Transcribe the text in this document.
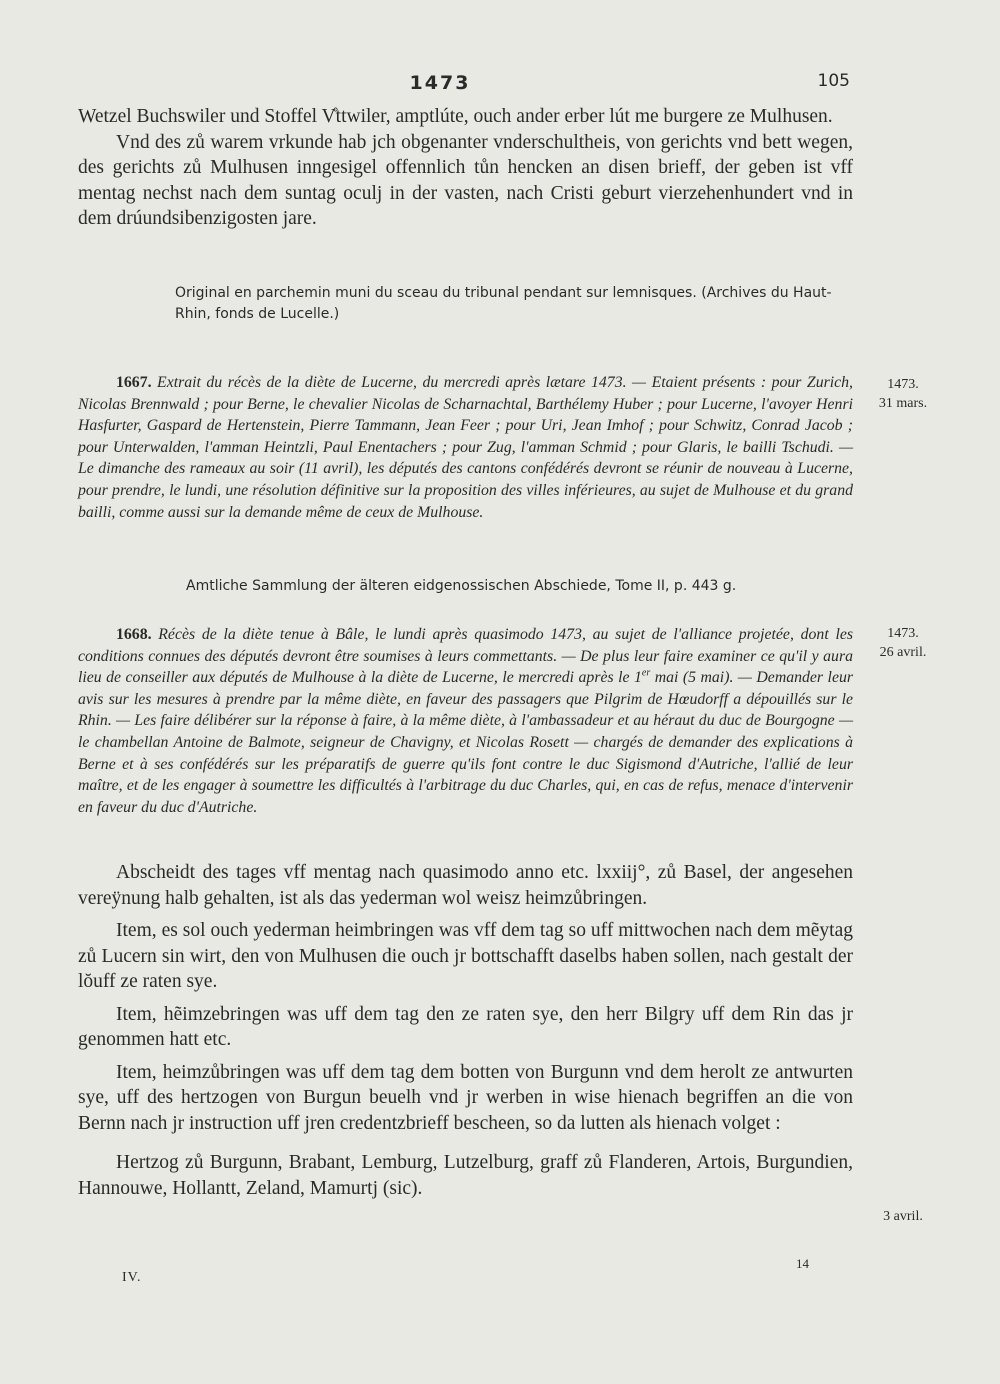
1473	105

Wetzel Buchswiler und Stoffel V̊ttwiler, amptlúte, ouch ander erber lút me burgere ze Mulhusen.

Vnd des zů warem vrkunde hab jch obgenanter vnderschultheis, von gerichts vnd bett wegen, des gerichts zů Mulhusen inngesigel offennlich tůn hencken an disen brieff, der geben ist vff mentag nechst nach dem suntag oculj in der vasten, nach Cristi geburt vierzehenhundert vnd in dem drúundsibenzigosten jare.

Original en parchemin muni du sceau du tribunal pendant sur lemnisques. (Archives du Haut-Rhin, fonds de Lucelle.)

1667. Extrait du récès de la diète de Lucerne, du mercredi après lætare 1473. — Etaient présents : pour Zurich, Nicolas Brennwald ; pour Berne, le chevalier Nicolas de Scharnachtal, Barthélemy Huber ; pour Lucerne, l'avoyer Henri Hasfurter, Gaspard de Hertenstein, Pierre Tammann, Jean Feer ; pour Uri, Jean Imhof ; pour Schwitz, Conrad Jacob ; pour Unterwalden, l'amman Heintzli, Paul Enentachers ; pour Zug, l'amman Schmid ; pour Glaris, le bailli Tschudi. — Le dimanche des rameaux au soir (11 avril), les députés des cantons confédérés devront se réunir de nouveau à Lucerne, pour prendre, le lundi, une résolution définitive sur la proposition des villes inférieures, au sujet de Mulhouse et du grand bailli, comme aussi sur la demande même de ceux de Mulhouse.

1473.
31 mars.
Amtliche Sammlung der älteren eidgenossischen Abschiede, Tome II, p. 443 g.

1668. Récès de la diète tenue à Bâle, le lundi après quasimodo 1473, au sujet de l'alliance projetée, dont les conditions connues des députés devront être soumises à leurs commettants. — De plus leur faire examiner ce qu'il y aura lieu de conseiller aux députés de Mulhouse à la diète de Lucerne, le mercredi après le 1er mai (5 mai). — Demander leur avis sur les mesures à prendre par la même diète, en faveur des passagers que Pilgrim de Hœudorff a dépouillés sur le Rhin. — Les faire délibérer sur la réponse à faire, à la même diète, à l'ambassadeur et au héraut du duc de Bourgogne — le chambellan Antoine de Balmote, seigneur de Chavigny, et Nicolas Rosett — chargés de demander des explications à Berne et à ses confédérés sur les préparatifs de guerre qu'ils font contre le duc Sigismond d'Autriche, l'allié de leur maître, et de les engager à soumettre les difficultés à l'arbitrage du duc Charles, qui, en cas de refus, menace d'intervenir en faveur du duc d'Autriche.

1473.
26 avril.

Abscheidt des tages vff mentag nach quasimodo anno etc. lxxiij°, zů Basel, der angesehen vereÿnung halb gehalten, ist als das yederman wol weisz heimzůbringen.

Item, es sol ouch yederman heimbringen was vff dem tag so uff mittwochen nach dem mẽytag zů Lucern sin wirt, den von Mulhusen die ouch jr bottschafft daselbs haben sollen, nach gestalt der lŏuff ze raten sye.

Item, hẽimzebringen was uff dem tag den ze raten sye, den herr Bilgry uff dem Rin das jr genommen hatt etc.

Item, heimzůbringen was uff dem tag dem botten von Burgunn vnd dem herolt ze antwurten sye, uff des hertzogen von Burgun beuelh vnd jr werben in wise hienach begriffen an die von Bernn nach jr instruction uff jren credentzbrieff bescheen, so da lutten als hienach volget :

Hertzog zů Burgunn, Brabant, Lemburg, Lutzelburg, graff zů Flanderen, Artois, Burgundien, Hannouwe, Hollantt, Zeland, Mamurtj (sic).

3 avril.
IV.
14
